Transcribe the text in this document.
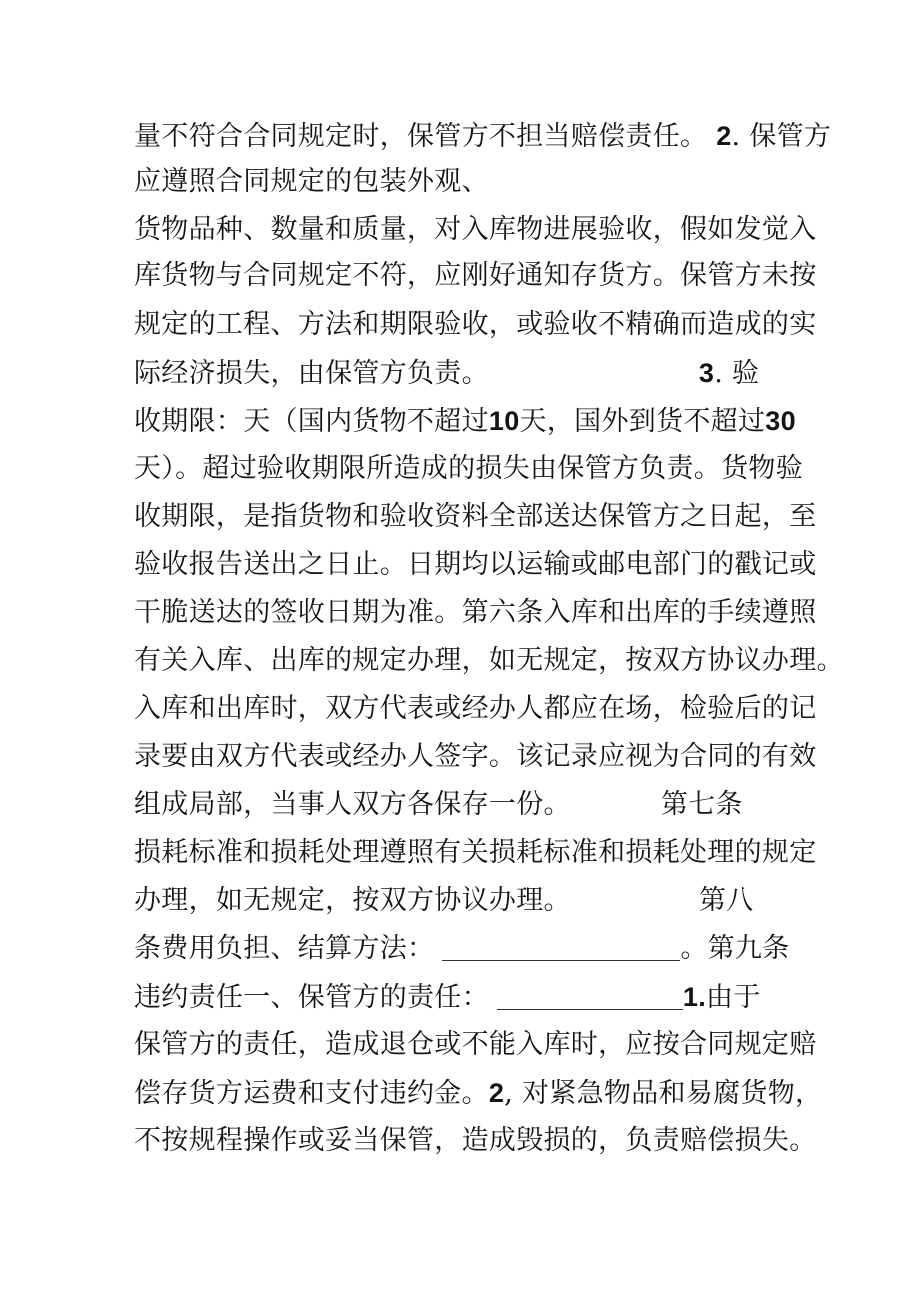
量不符合合同规定时，保管方不担当赔偿责任。 2. 保管方
应遵照合同规定的包装外观、
货物品种、数量和质量，对入库物进展验收，假如发觉入
库货物与合同规定不符，应刚好通知存货方。保管方未按
规定的工程、方法和期限验收，或验收不精确而造成的实
际经济损失，由保管方负责。	3. 验
收期限：天（国内货物不超过10天，国外到货不超过30
天）。超过验收期限所造成的损失由保管方负责。货物验
收期限，是指货物和验收资料全部送达保管方之日起，至
验收报告送出之日止。日期均以运输或邮电部门的戳记或
干脆送达的签收日期为准。第六条入库和出库的手续遵照
有关入库、出库的规定办理，如无规定，按双方协议办理。
入库和出库时，双方代表或经办人都应在场，检验后的记
录要由双方代表或经办人签字。该记录应视为合同的有效
组成局部，当事人双方各保存一份。	第七条
损耗标准和损耗处理遵照有关损耗标准和损耗处理的规定
办理，如无规定，按双方协议办理。	第八
条费用负担、结算方法：	。第九条
违约责任一、保管方的责任：	1.由于
保管方的责任，造成退仓或不能入库时，应按合同规定赔
偿存货方运费和支付违约金。2, 对紧急物品和易腐货物，
不按规程操作或妥当保管，造成毁损的，负责赔偿损失。
